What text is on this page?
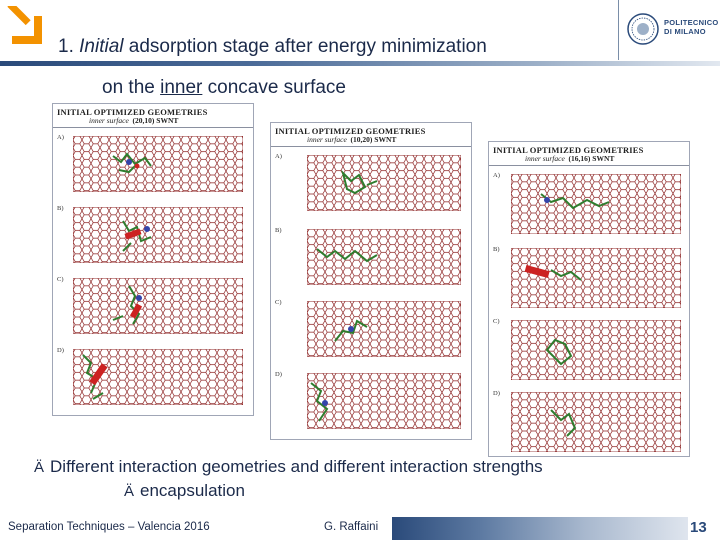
1. Initial adsorption stage after energy minimization
POLITECNICO
DI MILANO
on the inner concave surface
INITIAL OPTIMIZED GEOMETRIES
inner surface (20,10) SWNT
A)
B)
C)
D)
INITIAL OPTIMIZED GEOMETRIES
inner surface (10,20) SWNT
A)
B)
C)
D)
INITIAL OPTIMIZED GEOMETRIES
inner surface (16,16) SWNT
A)
B)
C)
D)
Ä Different interaction geometries and different interaction strengths
Ä encapsulation
Separation Techniques – Valencia 2016	G. Raffaini	13
